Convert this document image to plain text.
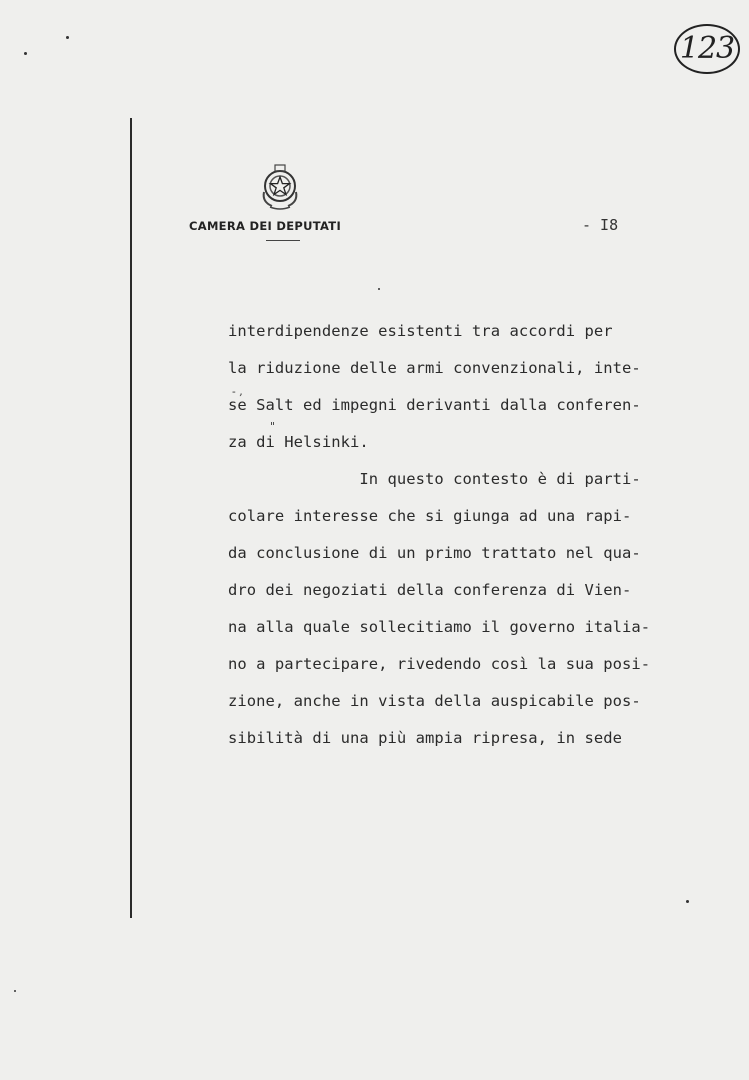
123
CAMERA DEI DEPUTATI	- I8
interdipendenze esistenti tra accordi per
la riduzione delle armi convenzionali, inte-
- ,
se Salt ed impegni derivanti dalla conferen-
"
za di Helsinki.
In questo contesto è di parti-
colare interesse che si giunga ad una rapi-
da conclusione di un primo trattato nel qua-
dro dei negoziati della conferenza di Vien-
na alla quale sollecitiamo il governo italia-
no a partecipare, rivedendo così la sua posi-
zione, anche in vista della auspicabile pos-
sibilità di una più ampia ripresa, in sede
